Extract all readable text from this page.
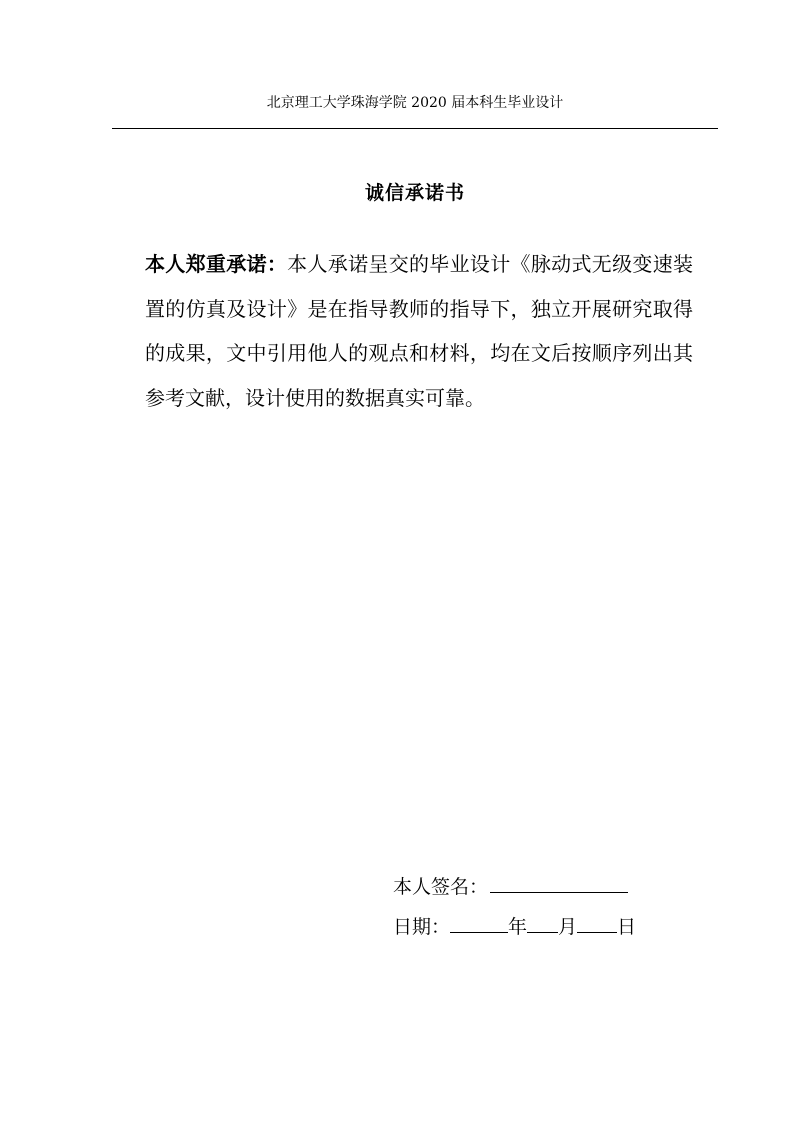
北京理工大学珠海学院 2020 届本科生毕业设计
诚信承诺书
本人郑重承诺：本人承诺呈交的毕业设计《脉动式无级变速装置的仿真及设计》是在指导教师的指导下，独立开展研究取得的成果，文中引用他人的观点和材料，均在文后按顺序列出其参考文献，设计使用的数据真实可靠。
本人签名：
日期：	年 月 日
